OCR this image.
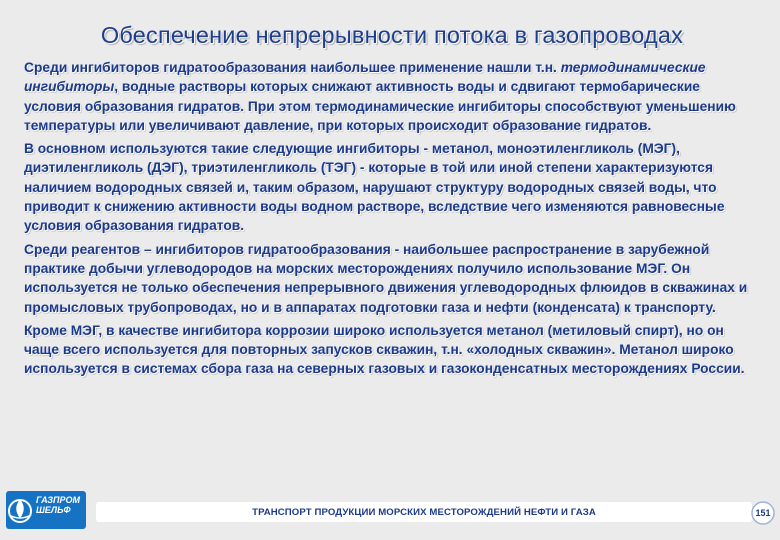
Обеспечение непрерывности потока в газопроводах

Среди ингибиторов гидратообразования наибольшее применение нашли т.н. термодинамические ингибиторы, водные растворы которых снижают активность воды и сдвигают термобарические условия образования гидратов. При этом термодинамические ингибиторы способствуют уменьшению температуры или увеличивают давление, при которых происходит образование гидратов.

В основном используются такие следующие ингибиторы - метанол, моноэтиленгликоль (МЭГ), диэтиленгликоль (ДЭГ), триэтиленгликоль (ТЭГ) - которые в той или иной степени характеризуются наличием водородных связей и, таким образом, нарушают структуру водородных связей воды, что приводит к снижению активности воды водном растворе, вследствие чего изменяются равновесные условия образования гидратов.

Среди реагентов – ингибиторов гидратообразования - наибольшее распространение в зарубежной практике добычи углеводородов на морских месторождениях получило использование МЭГ. Он используется не только обеспечения непрерывного движения углеводородных флюидов в скважинах и промысловых трубопроводах, но и в аппаратах подготовки газа и нефти (конденсата) к транспорту.

Кроме МЭГ, в качестве ингибитора коррозии широко используется метанол (метиловый спирт), но он чаще всего используется для повторных запусков скважин, т.н. «холодных скважин». Метанол широко используется в системах сбора газа на северных газовых и газоконденсатных месторождениях России.

ГАЗПРОМ
ШЕЛЬФ	ТРАНСПОРТ ПРОДУКЦИИ МОРСКИХ МЕСТОРОЖДЕНИЙ НЕФТИ И ГАЗА	151
